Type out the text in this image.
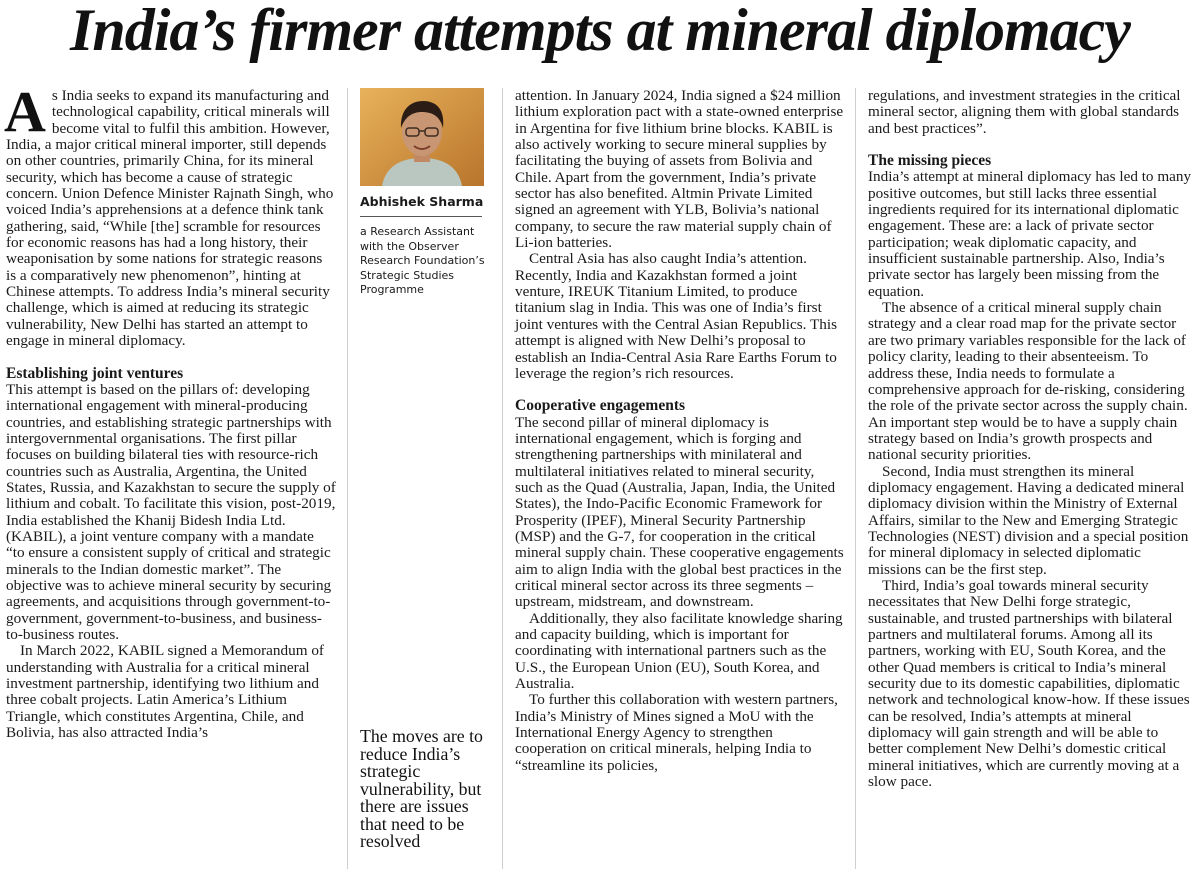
India’s firmer attempts at mineral diplomacy

As India seeks to expand its manufacturing and technological capability, critical minerals will become vital to fulfil this ambition. However, India, a major critical mineral importer, still depends on other countries, primarily China, for its mineral security, which has become a cause of strategic concern. Union Defence Minister Rajnath Singh, who voiced India’s apprehensions at a defence think tank gathering, said, “While [the] scramble for resources for economic reasons has had a long history, their weaponisation by some nations for strategic reasons is a comparatively new phenomenon”, hinting at Chinese attempts. To address India’s mineral security challenge, which is aimed at reducing its strategic vulnerability, New Delhi has started an attempt to engage in mineral diplomacy.

Establishing joint ventures

This attempt is based on the pillars of: developing international engagement with mineral-producing countries, and establishing strategic partnerships with intergovernmental organisations. The first pillar focuses on building bilateral ties with resource-rich countries such as Australia, Argentina, the United States, Russia, and Kazakhstan to secure the supply of lithium and cobalt. To facilitate this vision, post-2019, India established the Khanij Bidesh India Ltd. (KABIL), a joint venture company with a mandate “to ensure a consistent supply of critical and strategic minerals to the Indian domestic market”. The objective was to achieve mineral security by securing agreements, and acquisitions through government-to-government, government-to-business, and business-to-business routes.

In March 2022, KABIL signed a Memorandum of understanding with Australia for a critical mineral investment partnership, identifying two lithium and three cobalt projects. Latin America’s Lithium Triangle, which constitutes Argentina, Chile, and Bolivia, has also attracted India’s

Abhishek Sharma
a Research Assistant with the Observer Research Foundation’s Strategic Studies Programme
The moves are to reduce India’s strategic vulnerability, but there are issues that need to be resolved

attention. In January 2024, India signed a $24 million lithium exploration pact with a state-owned enterprise in Argentina for five lithium brine blocks. KABIL is also actively working to secure mineral supplies by facilitating the buying of assets from Bolivia and Chile. Apart from the government, India’s private sector has also benefited. Altmin Private Limited signed an agreement with YLB, Bolivia’s national company, to secure the raw material supply chain of Li-ion batteries.

Central Asia has also caught India’s attention. Recently, India and Kazakhstan formed a joint venture, IREUK Titanium Limited, to produce titanium slag in India. This was one of India’s first joint ventures with the Central Asian Republics. This attempt is aligned with New Delhi’s proposal to establish an India-Central Asia Rare Earths Forum to leverage the region’s rich resources.

Cooperative engagements

The second pillar of mineral diplomacy is international engagement, which is forging and strengthening partnerships with minilateral and multilateral initiatives related to mineral security, such as the Quad (Australia, Japan, India, the United States), the Indo-Pacific Economic Framework for Prosperity (IPEF), Mineral Security Partnership (MSP) and the G-7, for cooperation in the critical mineral supply chain. These cooperative engagements aim to align India with the global best practices in the critical mineral sector across its three segments – upstream, midstream, and downstream.

Additionally, they also facilitate knowledge sharing and capacity building, which is important for coordinating with international partners such as the U.S., the European Union (EU), South Korea, and Australia.

To further this collaboration with western partners, India’s Ministry of Mines signed a MoU with the International Energy Agency to strengthen cooperation on critical minerals, helping India to “streamline its policies,

regulations, and investment strategies in the critical mineral sector, aligning them with global standards and best practices”.

The missing pieces

India’s attempt at mineral diplomacy has led to many positive outcomes, but still lacks three essential ingredients required for its international diplomatic engagement. These are: a lack of private sector participation; weak diplomatic capacity, and insufficient sustainable partnership. Also, India’s private sector has largely been missing from the equation.

The absence of a critical mineral supply chain strategy and a clear road map for the private sector are two primary variables responsible for the lack of policy clarity, leading to their absenteeism. To address these, India needs to formulate a comprehensive approach for de-risking, considering the role of the private sector across the supply chain. An important step would be to have a supply chain strategy based on India’s growth prospects and national security priorities.

Second, India must strengthen its mineral diplomacy engagement. Having a dedicated mineral diplomacy division within the Ministry of External Affairs, similar to the New and Emerging Strategic Technologies (NEST) division and a special position for mineral diplomacy in selected diplomatic missions can be the first step.

Third, India’s goal towards mineral security necessitates that New Delhi forge strategic, sustainable, and trusted partnerships with bilateral partners and multilateral forums. Among all its partners, working with EU, South Korea, and the other Quad members is critical to India’s mineral security due to its domestic capabilities, diplomatic network and technological know-how. If these issues can be resolved, India’s attempts at mineral diplomacy will gain strength and will be able to better complement New Delhi’s domestic critical mineral initiatives, which are currently moving at a slow pace.
